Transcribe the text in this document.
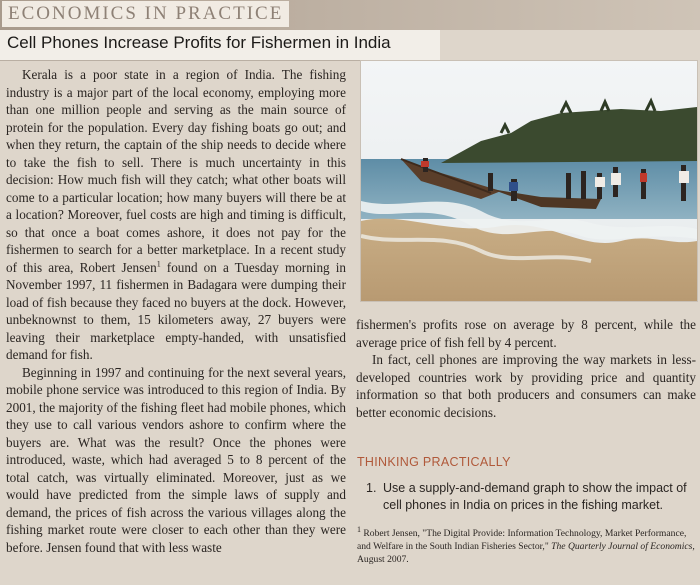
ECONOMICS IN PRACTICE
Cell Phones Increase Profits for Fishermen in India

Kerala is a poor state in a region of India. The fishing industry is a major part of the local economy, employing more than one million people and serving as the main source of protein for the population. Every day fishing boats go out; and when they return, the captain of the ship needs to decide where to take the fish to sell. There is much uncertainty in this decision: How much fish will they catch; what other boats will come to a particular location; how many buyers will there be at a location? Moreover, fuel costs are high and timing is difficult, so that once a boat comes ashore, it does not pay for the fishermen to search for a better marketplace. In a recent study of this area, Robert Jensen$^1$ found on a Tuesday morning in November 1997, 11 fishermen in Badagara were dumping their load of fish because they faced no buyers at the dock. However, unbeknownst to them, 15 kilometers away, 27 buyers were leaving their marketplace empty-handed, with unsatisfied demand for fish.

Beginning in 1997 and continuing for the next several years, mobile phone service was introduced to this region of India. By 2001, the majority of the fishing fleet had mobile phones, which they use to call various vendors ashore to confirm where the buyers are. What was the result? Once the phones were introduced, waste, which had averaged 5 to 8 percent of the total catch, was virtually eliminated. Moreover, just as we would have predicted from the simple laws of supply and demand, the prices of fish across the various villages along the fishing market route were closer to each other than they were before. Jensen found that with less waste

fishermen's profits rose on average by 8 percent, while the average price of fish fell by 4 percent.

In fact, cell phones are improving the way markets in less-developed countries work by providing price and quantity information so that both producers and consumers can make better economic decisions.

THINKING PRACTICALLY
1. Use a supply-and-demand graph to show the impact of cell phones in India on prices in the fishing market.
$^1$ Robert Jensen, "The Digital Provide: Information Technology, Market Performance, and Welfare in the South Indian Fisheries Sector," The Quarterly Journal of Economics, August 2007.
